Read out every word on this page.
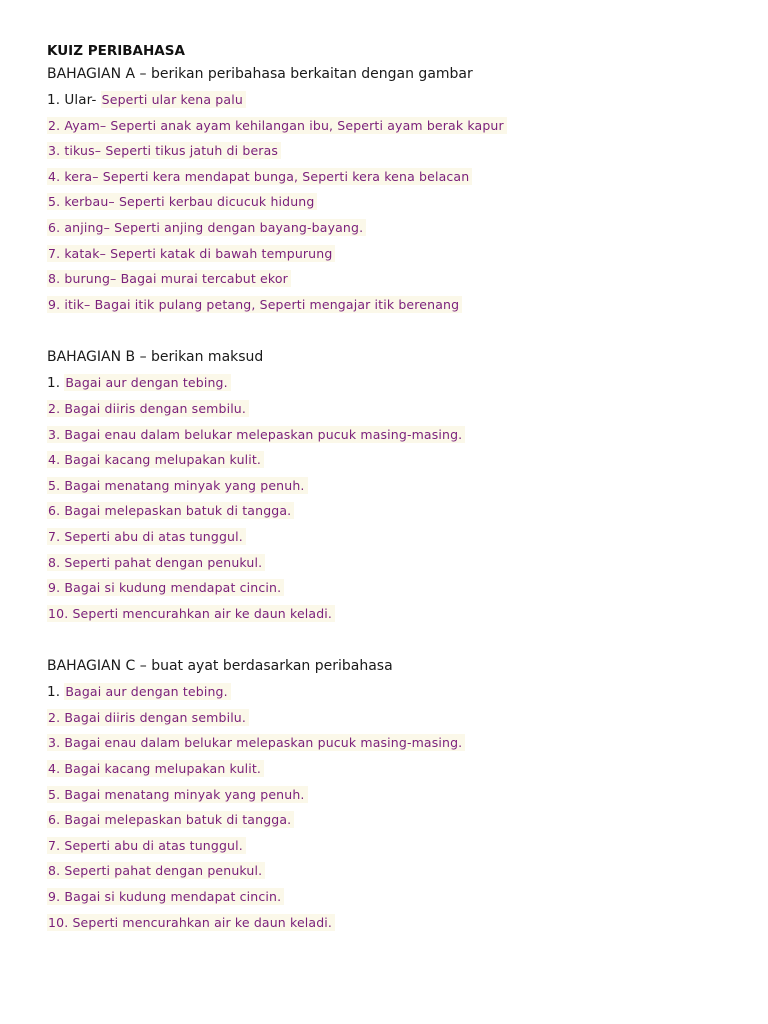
KUIZ PERIBAHASA
BAHAGIAN A – berikan peribahasa berkaitan dengan gambar
1. Ular- Seperti ular kena palu
2. Ayam– Seperti anak ayam kehilangan ibu, Seperti ayam berak kapur
3. tikus– Seperti tikus jatuh di beras
4. kera– Seperti kera mendapat bunga, Seperti kera kena belacan
5. kerbau– Seperti kerbau dicucuk hidung
6. anjing– Seperti anjing dengan bayang-bayang.
7. katak– Seperti katak di bawah tempurung
8. burung– Bagai murai tercabut ekor
9. itik– Bagai itik pulang petang, Seperti mengajar itik berenang
BAHAGIAN B – berikan maksud
1. Bagai aur dengan tebing.
2. Bagai diiris dengan sembilu.
3. Bagai enau dalam belukar melepaskan pucuk masing-masing.
4. Bagai kacang melupakan kulit.
5. Bagai menatang minyak yang penuh.
6. Bagai melepaskan batuk di tangga.
7. Seperti abu di atas tunggul.
8. Seperti pahat dengan penukul.
9. Bagai si kudung mendapat cincin.
10. Seperti mencurahkan air ke daun keladi.
BAHAGIAN C – buat ayat berdasarkan peribahasa
1. Bagai aur dengan tebing.
2. Bagai diiris dengan sembilu.
3. Bagai enau dalam belukar melepaskan pucuk masing-masing.
4. Bagai kacang melupakan kulit.
5. Bagai menatang minyak yang penuh.
6. Bagai melepaskan batuk di tangga.
7. Seperti abu di atas tunggul.
8. Seperti pahat dengan penukul.
9. Bagai si kudung mendapat cincin.
10. Seperti mencurahkan air ke daun keladi.
